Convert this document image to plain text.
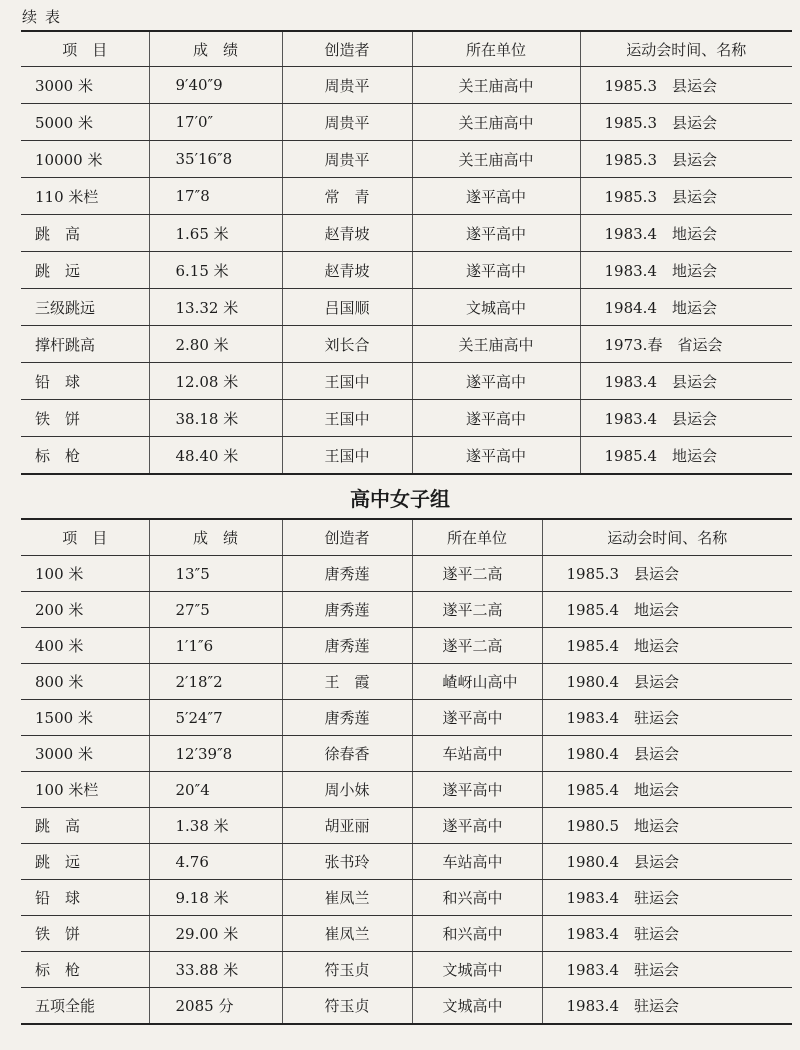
续表
项　目	成　绩	创造者	所在单位	运动会时间、名称
3000 米	9′40″9	周贵平	关王庙高中	1985.3　县运会
5000 米	17′0″	周贵平	关王庙高中	1985.3　县运会
10000 米	35′16″8	周贵平	关王庙高中	1985.3　县运会
110 米栏	17″8	常　青	遂平高中	1985.3　县运会
跳　高	1.65 米	赵青坡	遂平高中	1983.4　地运会
跳　远	6.15 米	赵青坡	遂平高中	1983.4　地运会
三级跳远	13.32 米	吕国顺	文城高中	1984.4　地运会
撑杆跳高	2.80 米	刘长合	关王庙高中	1973.春　省运会
铅　球	12.08 米	王国中	遂平高中	1983.4　县运会
铁　饼	38.18 米	王国中	遂平高中	1983.4　县运会
标　枪	48.40 米	王国中	遂平高中	1985.4　地运会
高中女子组
项　目	成　绩	创造者	所在单位	运动会时间、名称
100 米	13″5	唐秀莲	遂平二高	1985.3　县运会
200 米	27″5	唐秀莲	遂平二高	1985.4　地运会
400 米	1′1″6	唐秀莲	遂平二高	1985.4　地运会
800 米	2′18″2	王　霞	嵖岈山高中	1980.4　县运会
1500 米	5′24″7	唐秀莲	遂平高中	1983.4　驻运会
3000 米	12′39″8	徐春香	车站高中	1980.4　县运会
100 米栏	20″4	周小妹	遂平高中	1985.4　地运会
跳　高	1.38 米	胡亚丽	遂平高中	1980.5　地运会
跳　远	4.76	张书玲	车站高中	1980.4　县运会
铅　球	9.18 米	崔凤兰	和兴高中	1983.4　驻运会
铁　饼	29.00 米	崔凤兰	和兴高中	1983.4　驻运会
标　枪	33.88 米	符玉贞	文城高中	1983.4　驻运会
五项全能	2085 分	符玉贞	文城高中	1983.4　驻运会
